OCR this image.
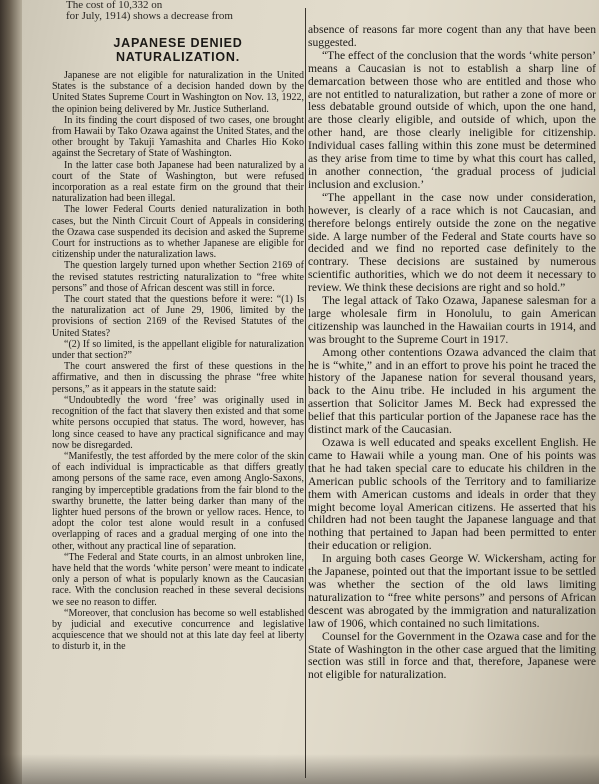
The cost of 10,332 on
for July, 1914) shows a decrease from
JAPANESE DENIED NATURALIZATION.

Japanese are not eligible for naturalization in the United States is the substance of a decision handed down by the United States Supreme Court in Washington on Nov. 13, 1922, the opinion being delivered by Mr. Justice Sutherland.

In its finding the court disposed of two cases, one brought from Hawaii by Tako Ozawa against the United States, and the other brought by Takuji Yamashita and Charles Hio Koko against the Secretary of State of Washington.

In the latter case both Japanese had been naturalized by a court of the State of Washington, but were refused incorporation as a real estate firm on the ground that their naturalization had been illegal.

The lower Federal Courts denied naturalization in both cases, but the Ninth Circuit Court of Appeals in considering the Ozawa case suspended its decision and asked the Supreme Court for instructions as to whether Japanese are eligible for citizenship under the naturalization laws.

The question largely turned upon whether Section 2169 of the revised statutes restricting naturalization to “free white persons” and those of African descent was still in force.

The court stated that the questions before it were: “(1) Is the naturalization act of June 29, 1906, limited by the provisions of section 2169 of the Revised Statutes of the United States?

“(2) If so limited, is the appellant eligible for naturalization under that section?”

The court answered the first of these questions in the affirmative, and then in discussing the phrase “free white persons,” as it appears in the statute said:

“Undoubtedly the word ‘free’ was originally used in recognition of the fact that slavery then existed and that some white persons occupied that status. The word, however, has long since ceased to have any practical significance and may now be disregarded.

“Manifestly, the test afforded by the mere color of the skin of each individual is impracticable as that differs greatly among persons of the same race, even among Anglo-Saxons, ranging by imperceptible gradations from the fair blond to the swarthy brunette, the latter being darker than many of the lighter hued persons of the brown or yellow races. Hence, to adopt the color test alone would result in a confused overlapping of races and a gradual merging of one into the other, without any practical line of separation.

“The Federal and State courts, in an almost unbroken line, have held that the words ‘white person’ were meant to indicate only a person of what is popularly known as the Caucasian race. With the conclusion reached in these several decisions we see no reason to differ.

“Moreover, that conclusion has become so well established by judicial and executive concurrence and legislative acquiescence that we should not at this late day feel at liberty to disturb it, in the

absence of reasons far more cogent than any that have been suggested.

“The effect of the conclusion that the words ‘white person’ means a Caucasian is not to establish a sharp line of demarcation between those who are entitled and those who are not entitled to naturalization, but rather a zone of more or less debatable ground outside of which, upon the one hand, are those clearly eligible, and outside of which, upon the other hand, are those clearly ineligible for citizenship. Individual cases falling within this zone must be determined as they arise from time to time by what this court has called, in another connection, ‘the gradual process of judicial inclusion and exclusion.’

“The appellant in the case now under consideration, however, is clearly of a race which is not Caucasian, and therefore belongs entirely outside the zone on the negative side. A large number of the Federal and State courts have so decided and we find no reported case definitely to the contrary. These decisions are sustained by numerous scientific authorities, which we do not deem it necessary to review. We think these decisions are right and so hold.”

The legal attack of Tako Ozawa, Japanese salesman for a large wholesale firm in Honolulu, to gain American citizenship was launched in the Hawaiian courts in 1914, and was brought to the Supreme Court in 1917.

Among other contentions Ozawa advanced the claim that he is “white,” and in an effort to prove his point he traced the history of the Japanese nation for several thousand years, back to the Ainu tribe. He included in his argument the assertion that Solicitor James M. Beck had expressed the belief that this particular portion of the Japanese race has the distinct mark of the Caucasian.

Ozawa is well educated and speaks excellent English. He came to Hawaii while a young man. One of his points was that he had taken special care to educate his children in the American public schools of the Territory and to familiarize them with American customs and ideals in order that they might become loyal American citizens. He asserted that his children had not been taught the Japanese language and that nothing that pertained to Japan had been permitted to enter their education or religion.

In arguing both cases George W. Wickersham, acting for the Japanese, pointed out that the important issue to be settled was whether the section of the old laws limiting naturalization to “free white persons” and persons of African descent was abrogated by the immigration and naturalization law of 1906, which contained no such limitations.

Counsel for the Government in the Ozawa case and for the State of Washington in the other case argued that the limiting section was still in force and that, therefore, Japanese were not eligible for naturalization.
